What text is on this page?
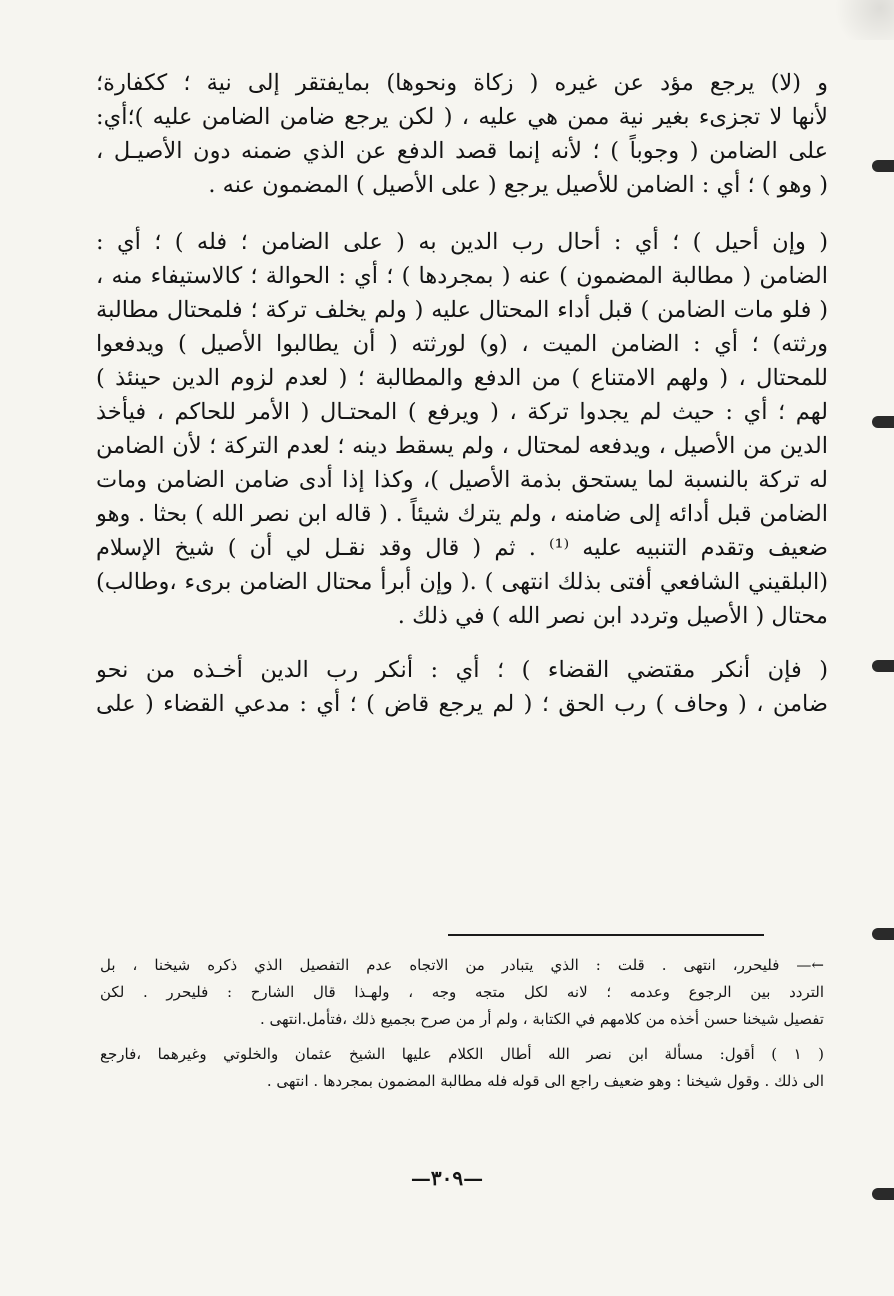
و (لا) يرجع مؤد عن غيره ( زكاة ونحوها) بمايفتقر إلى نية ؛ ككفارة؛
لأنها لا تجزىء بغير نية ممن هي عليه ، ( لكن يرجع ضامن الضامن عليه )؛أي:
على الضامن ( وجوباً ) ؛ لأنه إنما قصد الدفع عن الذي ضمنه دون الأصيـل ،
( وهو ) ؛ أي : الضامن للأصيل يرجع ( على الأصيل ) المضمون عنه .
( وإن أحيل ) ؛ أي : أحال رب الدين به ( على الضامن ؛ فله ) ؛ أي :
الضامن ( مطالبة المضمون ) عنه ( بمجردها ) ؛ أي : الحوالة ؛ كالاستيفاء منه ،
( فلو مات الضامن ) قبل أداء المحتال عليه ( ولم يخلف تركة ؛ فلمحتال مطالبة
ورثته) ؛ أي : الضامن الميت ، (و) لورثته ( أن يطالبوا الأصيل ) ويدفعوا
للمحتال ، ( ولهم الامتناع ) من الدفع والمطالبة ؛ ( لعدم لزوم الدين حينئذ )
لهم ؛ أي : حيث لم يجدوا تركة ، ( ويرفع ) المحتـال ( الأمر للحاكم ، فيأخذ
الدين من الأصيل ، ويدفعه لمحتال ، ولم يسقط دينه ؛ لعدم التركة ؛ لأن الضامن
له تركة بالنسبة لما يستحق بذمة الأصيل )، وكذا إذا أدى ضامن الضامن ومات
الضامن قبل أدائه إلى ضامنه ، ولم يترك شيئاً . ( قاله ابن نصر الله ) بحثا . وهو
ضعيف وتقدم التنبيه عليه ⁽¹⁾ . ثم ( قال وقد نقـل لي أن ) شيخ الإسلام
(البلقيني الشافعي أفتى بذلك انتهى ) .( وإن أبرأ محتال الضامن برىء ،وطالب)
محتال ( الأصيل وتردد ابن نصر الله ) في ذلك .
( فإن أنكر مقتضي القضاء ) ؛ أي : أنكر رب الدين أخـذه من نحو
ضامن ، ( وحاف ) رب الحق ؛ ( لم يرجع قاض ) ؛ أي : مدعي القضاء ( على
←— فليحرر، انتهى . قلت : الذي يتبادر من الاتجاه عدم التفصيل الذي ذكره شيخنا ، بل
التردد بين الرجوع وعدمه ؛ لانه لكل متجه وجه ، ولهـذا قال الشارح : فليحرر . لكن
تفصيل شيخنا حسن أخذه من كلامهم في الكتابة ، ولم أر من صرح بجميع ذلك ،فتأمل.انتهى .
( ١ ) أقول: مسألة ابن نصر الله أطال الكلام عليها الشيخ عثمان والخلوتي وغيرهما ،فارجع
الى ذلك . وقول شيخنا : وهو ضعيف راجع الى قوله فله مطالبة المضمون بمجردها . انتهى .
—٣٠٩—
